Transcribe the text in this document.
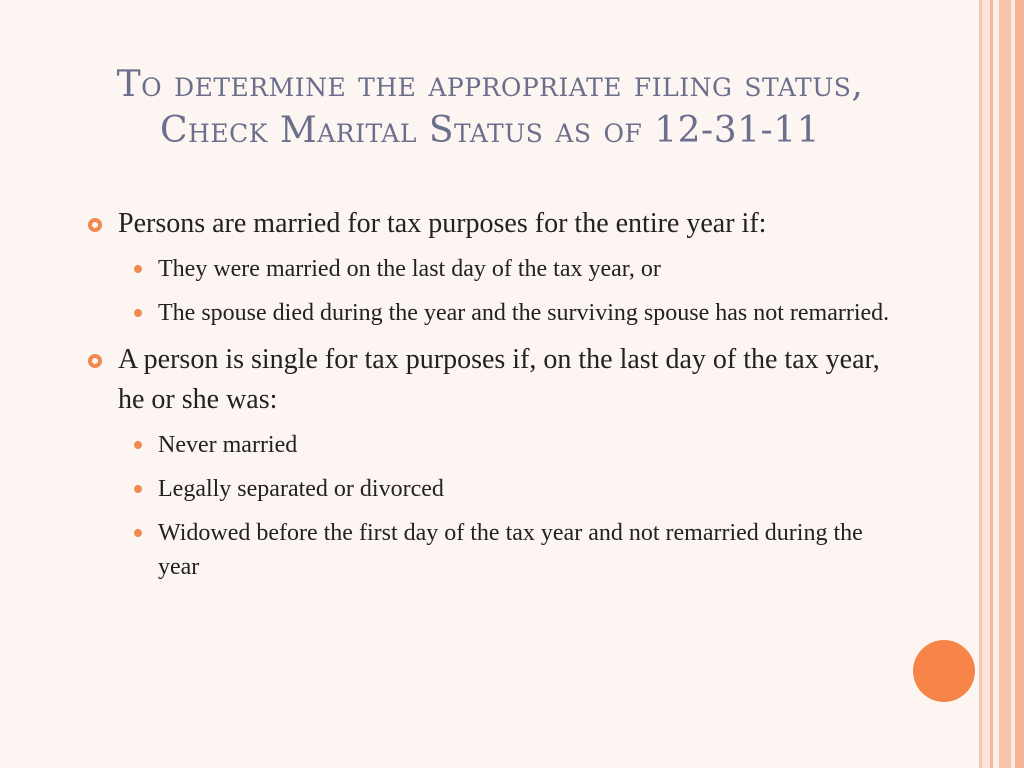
To determine the appropriate filing status,
Check Marital Status as of 12-31-11
Persons are married for tax purposes for the entire year if:
They were married on the last day of the tax year, or
The spouse died during the year and the surviving spouse has not remarried.
A person is single for tax purposes if, on the last day of the tax year, he or she was:
Never married
Legally separated or divorced
Widowed before the first day of the tax year and not remarried during the year
